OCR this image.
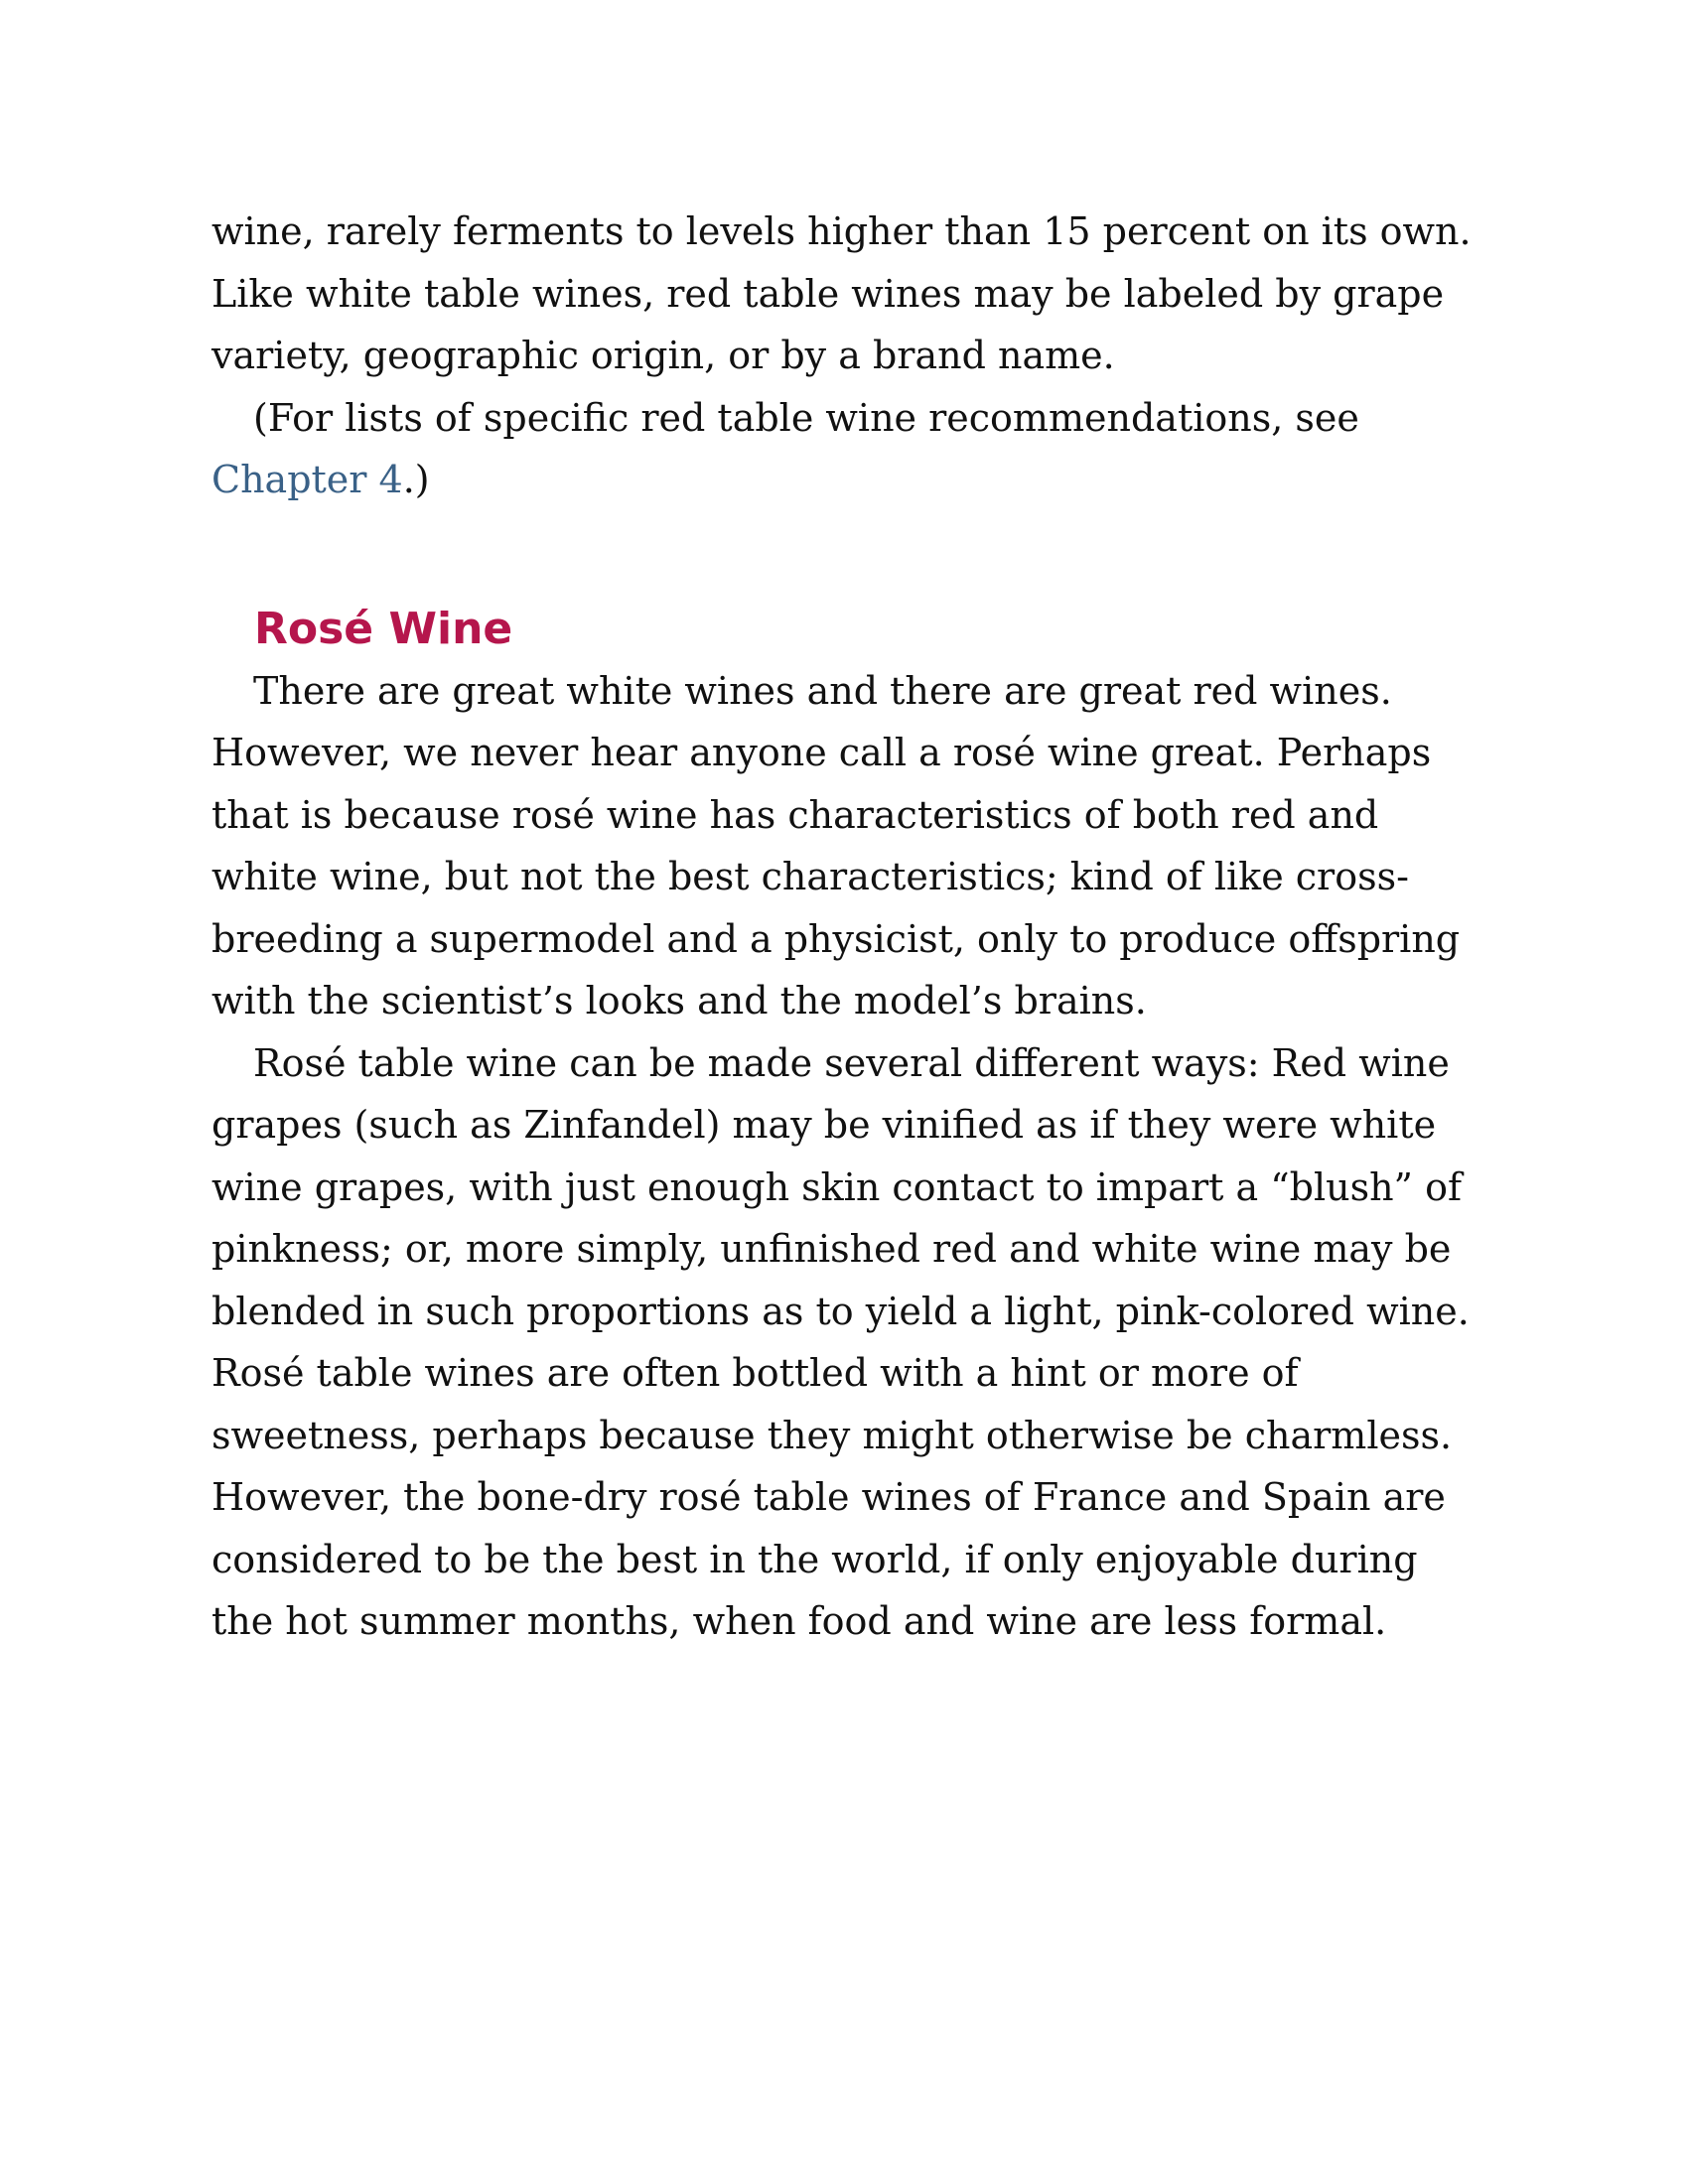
wine, rarely ferments to levels higher than 15 percent on its own. Like white table wines, red table wines may be labeled by grape variety, geographic origin, or by a brand name.

(For lists of specific red table wine recommendations, see Chapter 4.)

Rosé Wine

There are great white wines and there are great red wines. However, we never hear anyone call a rosé wine great. Perhaps that is because rosé wine has characteristics of both red and white wine, but not the best characteristics; kind of like cross-breeding a supermodel and a physicist, only to produce offspring with the scientist’s looks and the model’s brains.

Rosé table wine can be made several different ways: Red wine grapes (such as Zinfandel) may be vinified as if they were white wine grapes, with just enough skin contact to impart a “blush” of pinkness; or, more simply, unfinished red and white wine may be blended in such proportions as to yield a light, pink-colored wine. Rosé table wines are often bottled with a hint or more of sweetness, perhaps because they might otherwise be charmless. However, the bone-dry rosé table wines of France and Spain are considered to be the best in the world, if only enjoyable during the hot summer months, when food and wine are less formal.
